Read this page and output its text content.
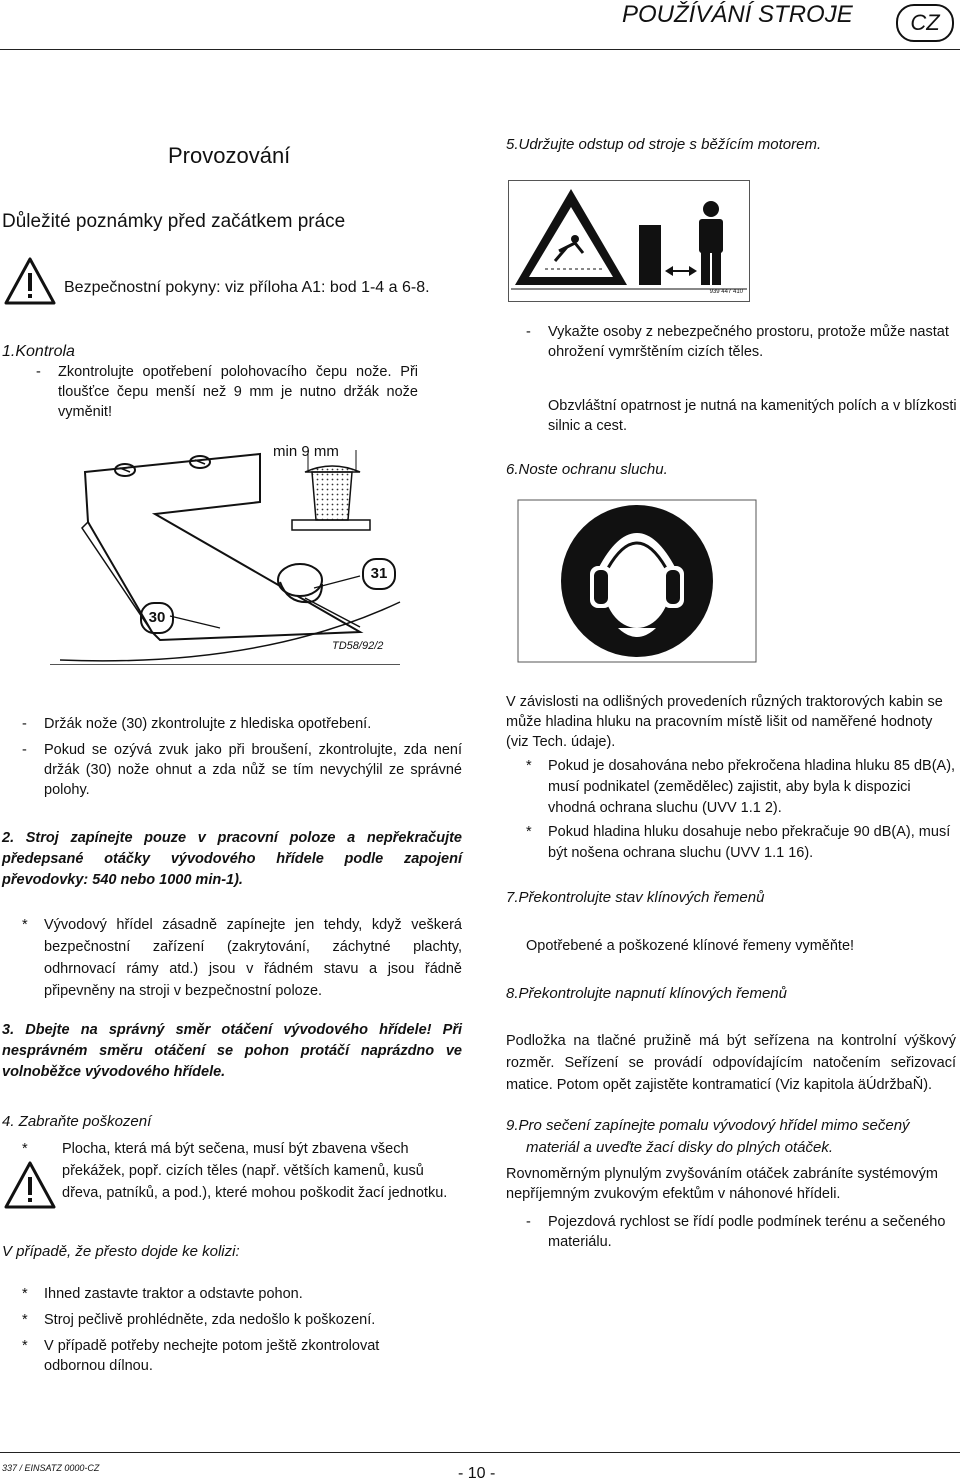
POUŽÍVÁNÍ STROJE	CZ
Provozování
Důležité poznámky před začátkem práce
Bezpečnostní pokyny: viz příloha A1: bod 1-4 a 6-8.
1.Kontrola
- Zkontrolujte opotřebení polohovacího čepu nože. Při tloušťce čepu menší než 9 mm je nutno držák nože vyměnit!

min 9 mm
31
30
TD58/92/2
- Držák nože (30) zkontrolujte z hlediska opotřebení.

- Pokud se ozývá zvuk jako při broušení, zkontrolujte, zda není držák (30) nože ohnut a zda nůž se tím nevychýlil ze správné polohy.

2. Stroj zapínejte pouze v pracovní poloze a nepřekračujte předepsané otáčky vývodového hřídele podle zapojení převodovky: 540 nebo 1000 min-1).
* Vývodový hřídel zásadně zapínejte jen tehdy, když veškerá bezpečnostní zařízení (zakrytování, záchytné plachty, odhrnovací rámy atd.) jsou v řádném stavu a jsou řádně připevněny na stroji v bezpečnostní poloze.

3. Dbejte na správný směr otáčení vývodového hřídele! Při nesprávném směru otáčení se pohon protáčí naprázdno ve volnoběžce vývodového hřídele.
4. Zabraňte poškození
* Plocha, která má být sečena, musí být zbavena všech překážek, popř. cizích těles (např. větších kamenů, kusů dřeva, patníků, a pod.), které mohou poškodit žací jednotku.

V případě, že přesto dojde ke kolizi:
* Ihned zastavte traktor a odstavte pohon.

* Stroj pečlivě prohlédněte, zda nedošlo k poškození.

* V případě potřeby nechejte potom ještě zkontrolovat odbornou dílnou.

5.Udržujte odstup od stroje s běžícím motorem.
939 447 410
- Vykažte osoby z nebezpečného prostoru, protože může nastat ohrožení vymrštěním cizích těles.

Obzvláštní opatrnost je nutná na kamenitých polích a v blízkosti silnic a cest.
6.Noste ochranu sluchu.
V závislosti na odlišných provedeních různých traktorových kabin se může hladina hluku na pracovním místě lišit od naměřené hodnoty (viz Tech. údaje).
* Pokud je dosahována nebo překročena hladina hluku 85 dB(A), musí podnikatel (zemědělec) zajistit, aby byla k dispozici vhodná ochrana sluchu (UVV 1.1 2).

* Pokud hladina hluku dosahuje nebo překračuje 90 dB(A), musí být nošena ochrana sluchu (UVV 1.1 16).

7.Překontrolujte stav klínových řemenů
Opotřebené a poškozené klínové řemeny vyměňte!
8.Překontrolujte napnutí klínových řemenů
Podložka na tlačné pružině má být seřízena na kontrolní výškový rozměr. Seřízení se provádí odpovídajícím natočením seřizovací matice. Potom opět zajistěte kontramaticí (Viz kapitola äÚdržbaŇ).
9.Pro sečení zapínejte pomalu vývodový hřídel mimo sečený
materiál a uveďte žací disky do plných otáček.
Rovnoměrným plynulým zvyšováním otáček zabráníte systémovým nepříjemným zvukovým efektům v náhonové hřídeli.
- Pojezdová rychlost se řídí podle podmínek terénu a sečeného materiálu.

337 / EINSATZ 0000-CZ	- 10 -
